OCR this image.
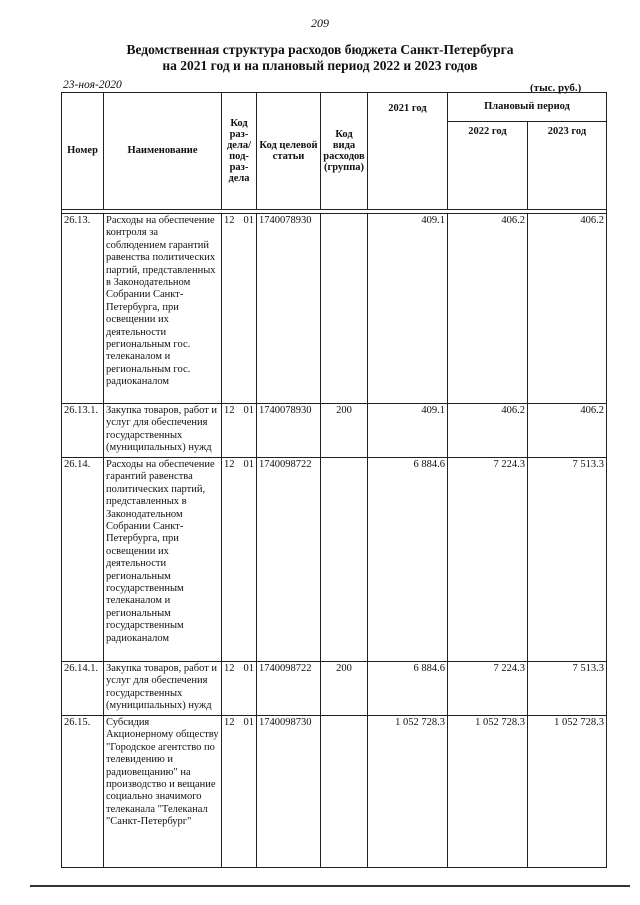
209
Ведомственная структура расходов бюджета Санкт-Петербурга
на 2021 год и на плановый период 2022 и 2023 годов
23-ноя-2020	(тыс. руб.)
Номер	Наименование	Код раз-дела/ под-раз-дела	Код целевой статьи	Код вида расходов (группа)	2021 год	Плановый период	
						2022 год	2023 год

26.13.	Расходы на обеспечение контроля за соблюдением гарантий равенства политических партий, представленных в Законодательном Собрании Санкт-Петербурга, при освещении их деятельности региональным гос. телеканалом и региональным гос. радиоканалом	12 01	1740078930		409.1	406.2	406.2
26.13.1.	Закупка товаров, работ и услуг для обеспечения государственных (муниципальных) нужд	12 01	1740078930	200	409.1	406.2	406.2
26.14.	Расходы на обеспечение гарантий равенства политических партий, представленных в Законодательном Собрании Санкт-Петербурга, при освещении их деятельности региональным государственным телеканалом и региональным государственным радиоканалом	12 01	1740098722		6 884.6	7 224.3	7 513.3
26.14.1.	Закупка товаров, работ и услуг для обеспечения государственных (муниципальных) нужд	12 01	1740098722	200	6 884.6	7 224.3	7 513.3
26.15.	Субсидия Акционерному обществу "Городское агентство по телевидению и радиовещанию" на производство и вещание социально значимого телеканала "Телеканал "Санкт-Петербург"	12 01	1740098730		1 052 728.3	1 052 728.3	1 052 728.3
